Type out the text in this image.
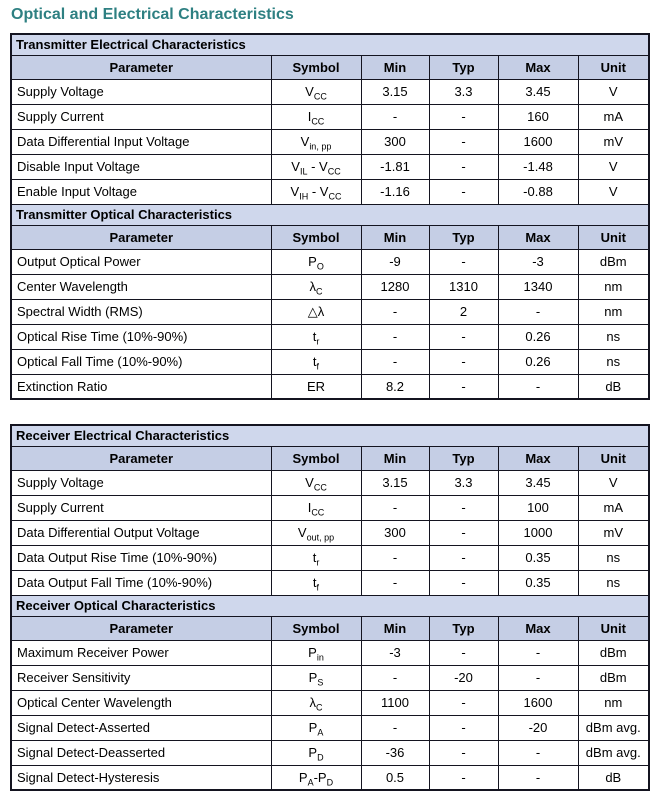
Optical and Electrical Characteristics
Transmitter Electrical Characteristics					
Parameter	Symbol	Min	Typ	Max	Unit
Supply Voltage	$V_{CC}$	3.15	3.3	3.45	V
Supply Current	$I_{CC}$	-	-	160	mA
Data Differential Input Voltage	$V_{in, pp}$	300	-	1600	mV
Disable Input Voltage	$V_{IL} - V_{CC}$	-1.81	-	-1.48	V
Enable Input Voltage	$V_{IH} - V_{CC}$	-1.16	-	-0.88	V
Transmitter Optical Characteristics					
Parameter	Symbol	Min	Typ	Max	Unit
Output Optical Power	$P_O$	-9	-	-3	dBm
Center Wavelength	$\lambda_C$	1280	1310	1340	nm
Spectral Width (RMS)	△λ	-	2	-	nm
Optical Rise Time (10%-90%)	$t_r$	-	-	0.26	ns
Optical Fall Time (10%-90%)	$t_f$	-	-	0.26	ns
Extinction Ratio	ER	8.2	-	-	dB
Receiver Electrical Characteristics					
Parameter	Symbol	Min	Typ	Max	Unit
Supply Voltage	$V_{CC}$	3.15	3.3	3.45	V
Supply Current	$I_{CC}$	-	-	100	mA
Data Differential Output Voltage	$V_{out, pp}$	300	-	1000	mV
Data Output Rise Time (10%-90%)	$t_r$	-	-	0.35	ns
Data Output Fall Time (10%-90%)	$t_f$	-	-	0.35	ns
Receiver Optical Characteristics					
Parameter	Symbol	Min	Typ	Max	Unit
Maximum Receiver Power	$P_{in}$	-3	-	-	dBm
Receiver Sensitivity	$P_S$	-	-20	-	dBm
Optical Center Wavelength	$\lambda_C$	1100	-	1600	nm
Signal Detect-Asserted	$P_A$	-	-	-20	dBm avg.
Signal Detect-Deasserted	$P_D$	-36	-	-	dBm avg.
Signal Detect-Hysteresis	$P_A-P_D$	0.5	-	-	dB
